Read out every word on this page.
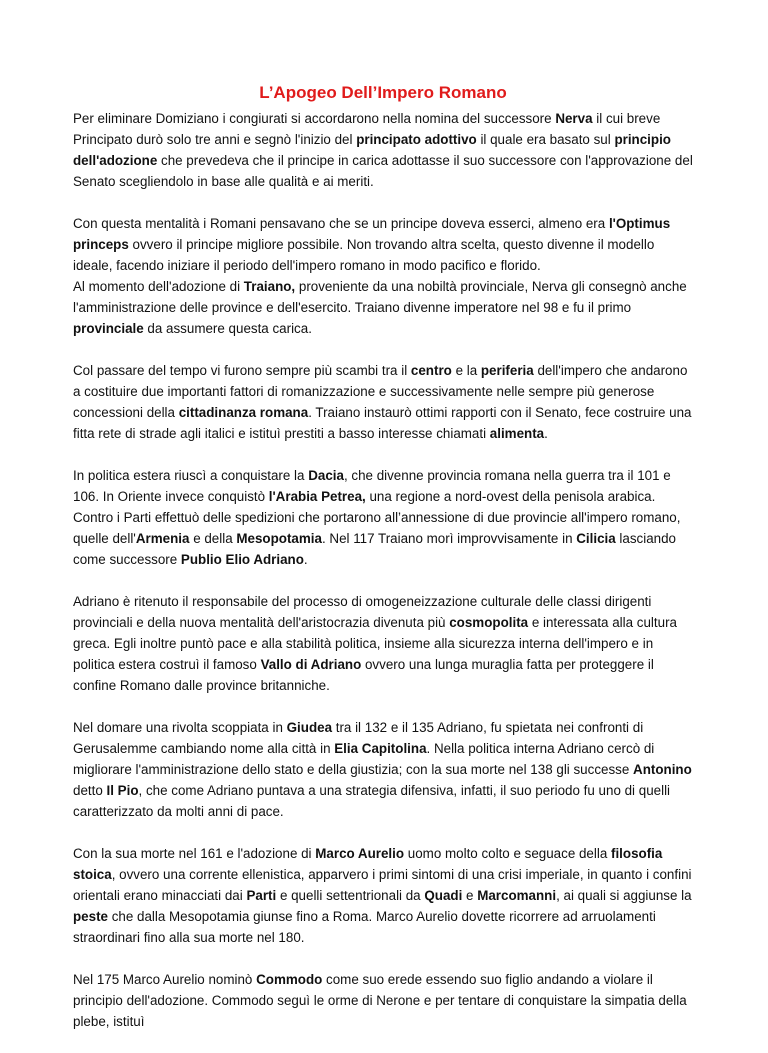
L’Apogeo Dell’Impero Romano

Per eliminare Domiziano i congiurati si accordarono nella nomina del successore Nerva il cui breve Principato durò solo tre anni e segnò l'inizio del principato adottivo il quale era basato sul principio dell'adozione che prevedeva che il principe in carica adottasse il suo successore con l'approvazione del Senato scegliendolo in base alle qualità e ai meriti.

Con questa mentalità i Romani pensavano che se un principe doveva esserci, almeno era l'Optimus princeps ovvero il principe migliore possibile. Non trovando altra scelta, questo divenne il modello ideale, facendo iniziare il periodo dell'impero romano in modo pacifico e florido.

Al momento dell'adozione di Traiano, proveniente da una nobiltà provinciale, Nerva gli consegnò anche l'amministrazione delle province e dell'esercito. Traiano divenne imperatore nel 98 e fu il primo provinciale da assumere questa carica.

Col passare del tempo vi furono sempre più scambi tra il centro e la periferia dell'impero che andarono a costituire due importanti fattori di romanizzazione e successivamente nelle sempre più generose concessioni della cittadinanza romana. Traiano instaurò ottimi rapporti con il Senato, fece costruire una fitta rete di strade agli italici e istituì prestiti a basso interesse chiamati alimenta.

In politica estera riuscì a conquistare la Dacia, che divenne provincia romana nella guerra tra il 101 e 106. In Oriente invece conquistò l'Arabia Petrea, una regione a nord-ovest della penisola arabica. Contro i Parti effettuò delle spedizioni che portarono all’annessione di due provincie all'impero romano, quelle dell'Armenia e della Mesopotamia. Nel 117 Traiano morì improvvisamente in Cilicia lasciando come successore Publio Elio Adriano.

Adriano è ritenuto il responsabile del processo di omogeneizzazione culturale delle classi dirigenti provinciali e della nuova mentalità dell'aristocrazia divenuta più cosmopolita e interessata alla cultura greca. Egli inoltre puntò pace e alla stabilità politica, insieme alla sicurezza interna dell'impero e in politica estera costruì il famoso Vallo di Adriano ovvero una lunga muraglia fatta per proteggere il confine Romano dalle province britanniche.

Nel domare una rivolta scoppiata in Giudea tra il 132 e il 135 Adriano, fu spietata nei confronti di Gerusalemme cambiando nome alla città in Elia Capitolina. Nella politica interna Adriano cercò di migliorare l'amministrazione dello stato e della giustizia; con la sua morte nel 138 gli successe Antonino detto Il Pio, che come Adriano puntava a una strategia difensiva, infatti, il suo periodo fu uno di quelli caratterizzato da molti anni di pace.

Con la sua morte nel 161 e l'adozione di Marco Aurelio uomo molto colto e seguace della filosofia stoica, ovvero una corrente ellenistica, apparvero i primi sintomi di una crisi imperiale, in quanto i confini orientali erano minacciati dai Parti e quelli settentrionali da Quadi e Marcomanni, ai quali si aggiunse la peste che dalla Mesopotamia giunse fino a Roma. Marco Aurelio dovette ricorrere ad arruolamenti straordinari fino alla sua morte nel 180.

Nel 175 Marco Aurelio nominò Commodo come suo erede essendo suo figlio andando a violare il principio dell'adozione. Commodo seguì le orme di Nerone e per tentare di conquistare la simpatia della plebe, istituì
